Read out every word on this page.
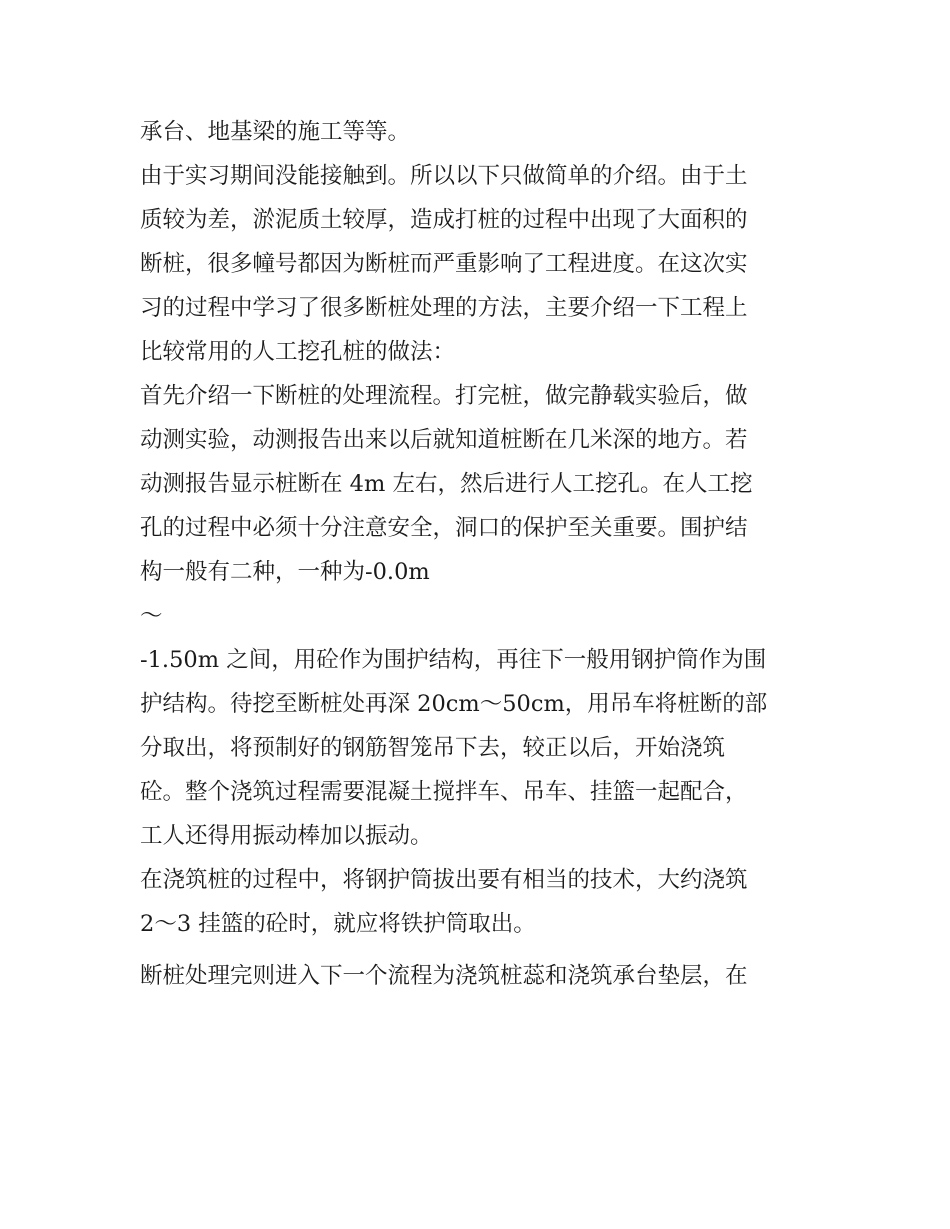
承台、地基梁的施工等等。

由于实习期间没能接触到。所以以下只做简单的介绍。由于土

质较为差，淤泥质土较厚，造成打桩的过程中出现了大面积的

断桩，很多幢号都因为断桩而严重影响了工程进度。在这次实

习的过程中学习了很多断桩处理的方法，主要介绍一下工程上

比较常用的人工挖孔桩的做法：

首先介绍一下断桩的处理流程。打完桩，做完静载实验后，做

动测实验，动测报告出来以后就知道桩断在几米深的地方。若

动测报告显示桩断在 4m 左右，然后进行人工挖孔。在人工挖

孔的过程中必须十分注意安全，洞口的保护至关重要。围护结

构一般有二种，一种为-0.0m

～

-1.50m 之间，用砼作为围护结构，再往下一般用钢护筒作为围

护结构。待挖至断桩处再深 20cm～50cm，用吊车将桩断的部

分取出，将预制好的钢筋智笼吊下去，较正以后，开始浇筑

砼。整个浇筑过程需要混凝土搅拌车、吊车、挂篮一起配合，

工人还得用振动棒加以振动。

在浇筑桩的过程中，将钢护筒拔出要有相当的技术，大约浇筑

2～3 挂篮的砼时，就应将铁护筒取出。

断桩处理完则进入下一个流程为浇筑桩蕊和浇筑承台垫层，在
